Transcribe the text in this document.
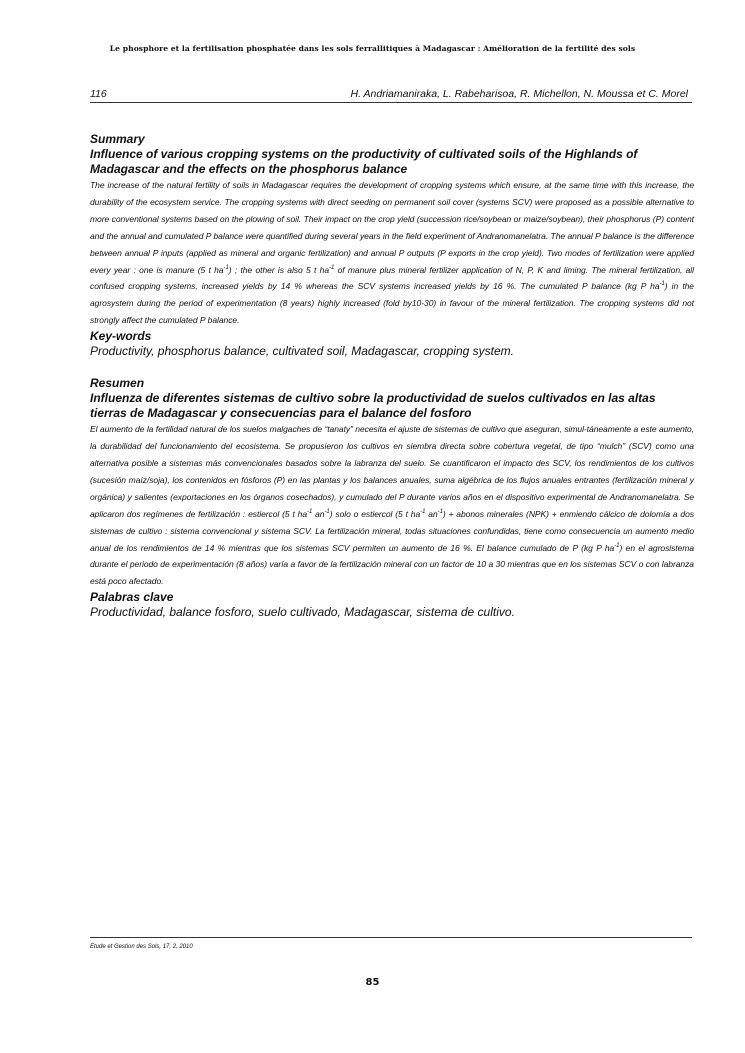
Le phosphore et la fertilisation phosphatée dans les sols ferrallitiques à Madagascar : Amélioration de la fertilité des sols
116	H. Andriamaniraka, L. Rabeharisoa, R. Michellon, N. Moussa et C. Morel
Summary
Influence of various cropping systems on the productivity of cultivated soils of the Highlands of Madagascar and the effects on the phosphorus balance
The increase of the natural fertility of soils in Madagascar requires the development of cropping systems which ensure, at the same time with this increase, the durability of the ecosystem service. The cropping systems with direct seeding on permanent soil cover (systems SCV) were proposed as a possible alternative to more conventional systems based on the plowing of soil. Their impact on the crop yield (succession rice/soybean or maize/soybean), their phosphorus (P) content and the annual and cumulated P balance were quantified during several years in the field experiment of Andranomanelatra. The annual P balance is the difference between annual P inputs (applied as mineral and organic fertilization) and annual P outputs (P exports in the crop yield). Two modes of fertilization were applied every year : one is manure (5 t $ha^{-1}$) ; the other is also 5 t $ha^{-1}$ of manure plus mineral fertilizer application of N, P, K and liming. The mineral fertilization, all confused cropping systems, increased yields by 14 % whereas the SCV systems increased yields by 16 %. The cumulated P balance (kg P $ha^{-1}$) in the agrosystem during the period of experimentation (8 years) highly increased (fold by10-30) in favour of the mineral fertilization. The cropping systems did not strongly affect the cumulated P balance.
Key-words
Productivity, phosphorus balance, cultivated soil, Madagascar, cropping system.
Resumen
Influenza de diferentes sistemas de cultivo sobre la productividad de suelos cultivados en las altas tierras de Madagascar y consecuencias para el balance del fosforo
El aumento de la fertilidad natural de los suelos malgaches de “tanaty” necesita el ajuste de sistemas de cultivo que aseguran, simul-táneamente a este aumento, la durabilidad del funcionamiento del ecosistema. Se propusieron los cultivos en siembra directa sobre cobertura vegetal, de tipo “mulch” (SCV) como una alternativa posible a sistemas más convencionales basados sobre la labranza del suelo. Se cuantificaron el impacto des SCV, los rendimientos de los cultivos (sucesión maíz/soja), los contenidos en fósforos (P) en las plantas y los balances anuales, suma algébrica de los flujos anuales entrantes (fertilización mineral y orgánica) y salientes (exportaciones en los órganos cosechados), y cumulado del P durante varios años en el dispositivo experimental de Andranomanelatra. Se aplicaron dos regímenes de fertilización : estiercol (5 t $ha^{-1}$ $an^{-1}$) solo o estiercol (5 t $ha^{-1}$ $an^{-1}$) + abonos minerales (NPK) + enmiendo cálcico de dolomía a dos sistemas de cultivo : sistema convencional y sistema SCV. La fertilización mineral, todas situaciones confundidas, tiene como consecuencia un aumento medio anual de los rendimientos de 14 % mientras que los sistemas SCV permiten un aumento de 16 %. El balance cumulado de P (kg P $ha^{-1}$) en el agrosistema durante el periodo de experimentación (8 años) varía a favor de la fertilización mineral con un factor de 10 a 30 mientras que en los sistemas SCV o con labranza está poco afectado.
Palabras clave
Productividad, balance fosforo, suelo cultivado, Madagascar, sistema de cultivo.
Etude et Gestion des Sols, 17, 2, 2010
85
